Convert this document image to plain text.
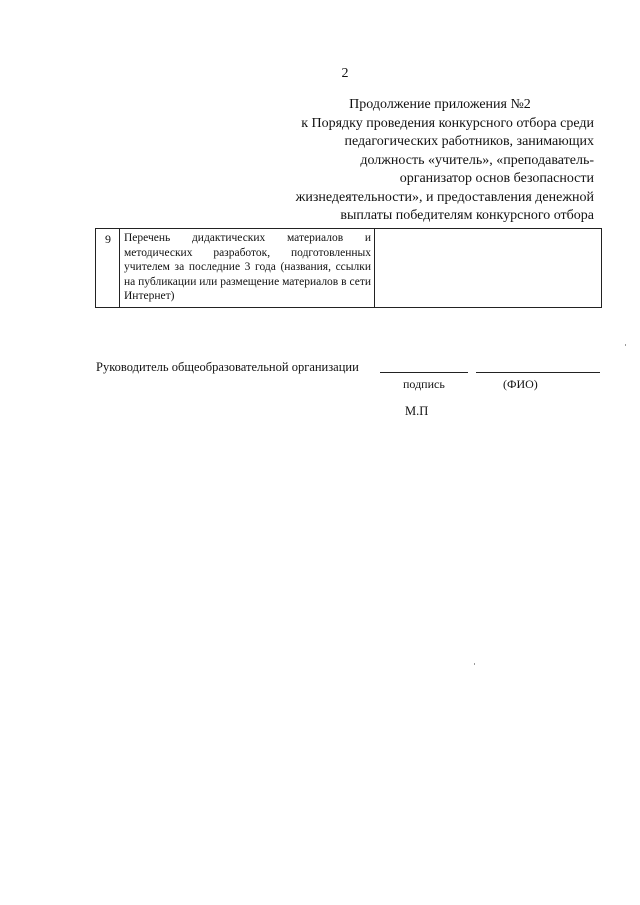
2
Продолжение приложения №2
к Порядку проведения конкурсного отбора среди
педагогических работников, занимающих
должность «учитель», «преподаватель-
организатор основ безопасности
жизнедеятельности», и предоставления денежной
выплаты победителям конкурсного отбора
9	Перечень дидактических материалов и методических разработок, подготовленных учителем за последние 3 года (названия, ссылки на публикации или размещение материалов в сети Интернет)	
Руководитель общеобразовательной организации
подпись	(ФИО)
М.П
